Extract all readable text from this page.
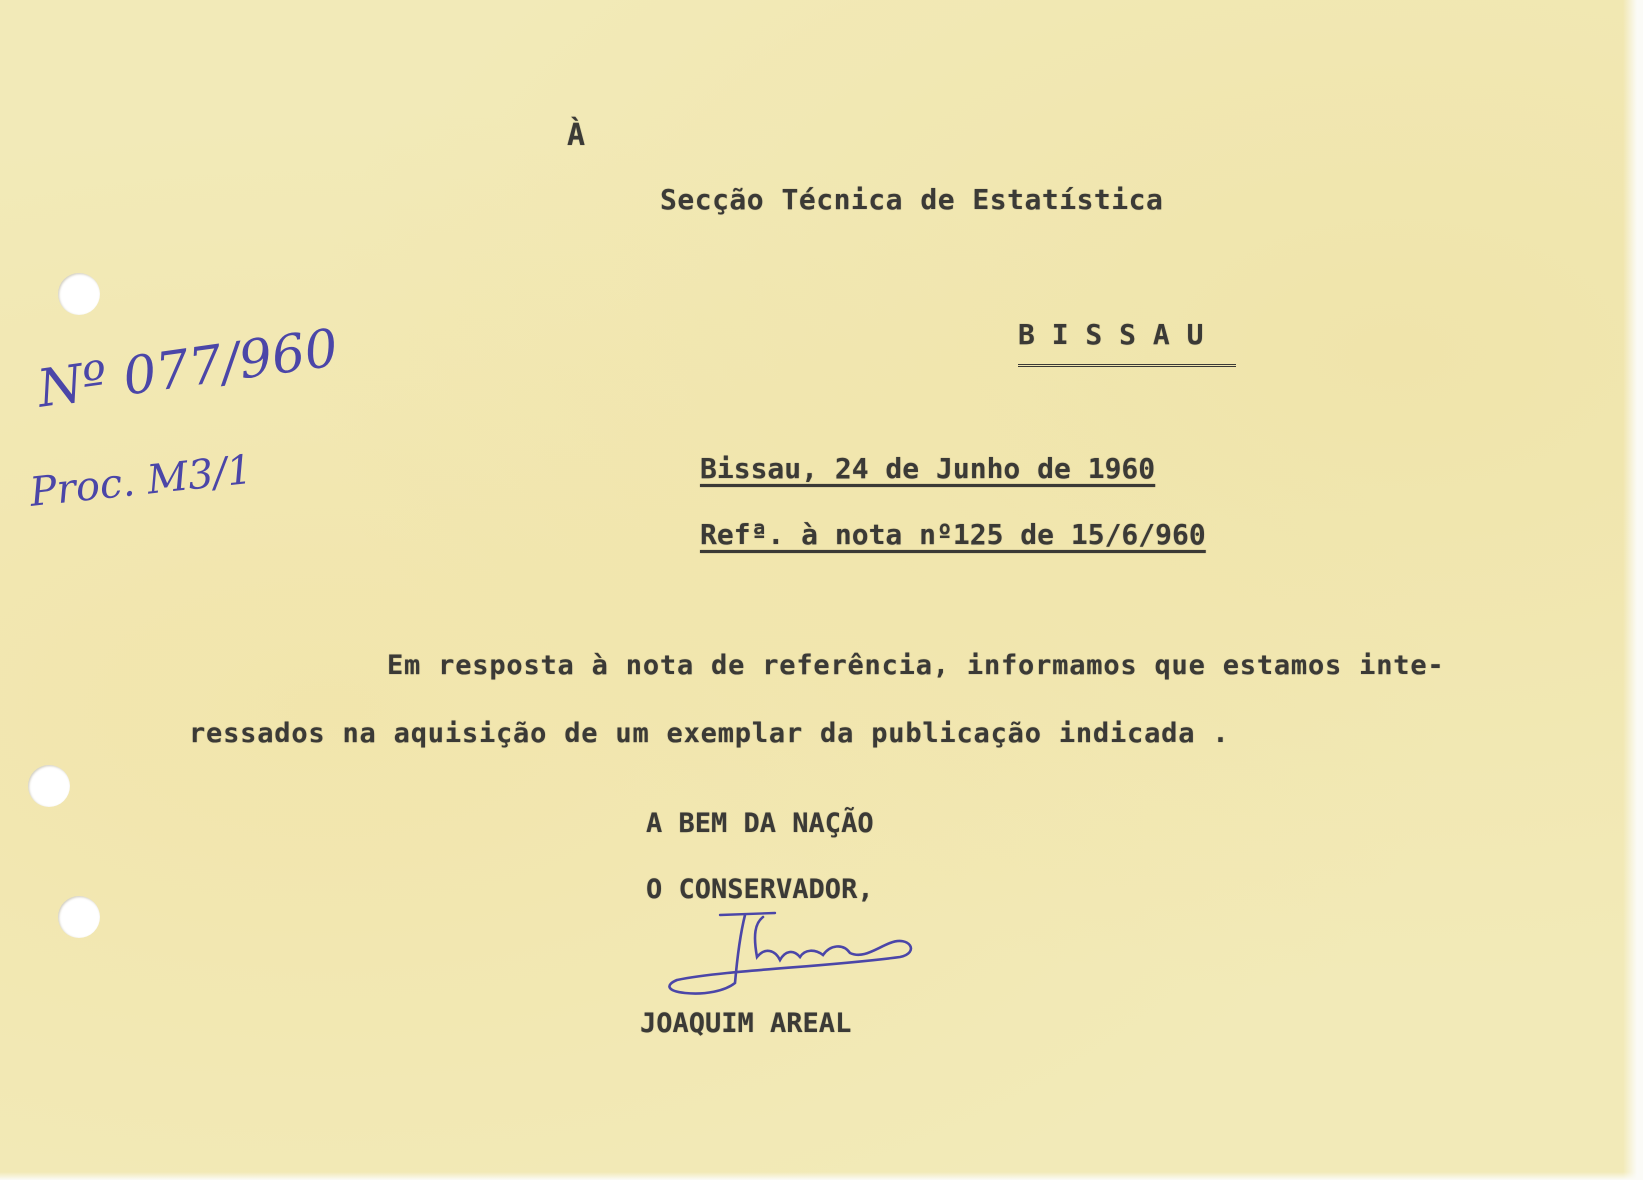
À
Secção Técnica de Estatística
B I S S A U
Bissau, 24 de Junho de 1960
Refª. à nota nº125 de 15/6/960
Em resposta à nota de referência, informamos que estamos inte-
ressados na aquisição de um exemplar da publicação indicada .
A BEM DA NAÇÃO
O CONSERVADOR,
JOAQUIM AREAL
Nº 077/960
Proc. M3/1
